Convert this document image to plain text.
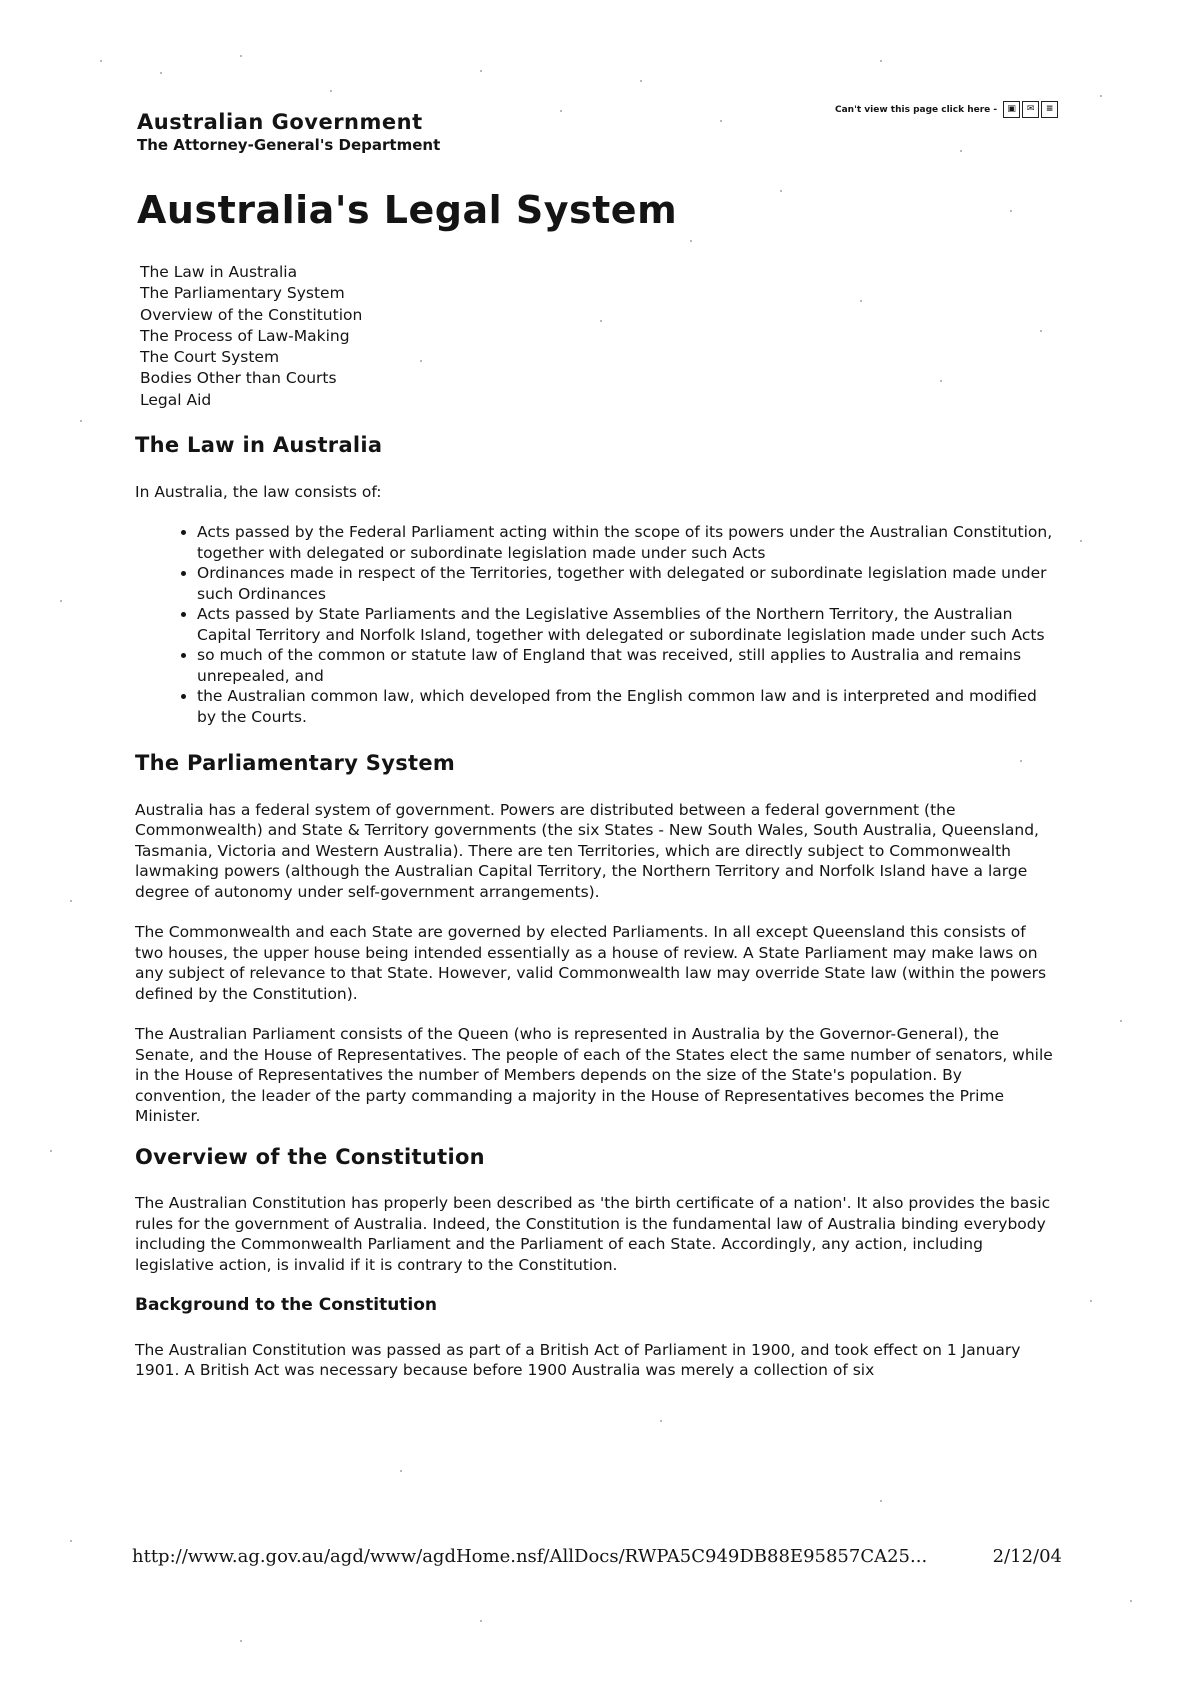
Australian Government
The Attorney-General's Department
Can't view this page click here -	▣	✉	≡
Australia's Legal System
The Law in Australia
The Parliamentary System
Overview of the Constitution
The Process of Law-Making
The Court System
Bodies Other than Courts
Legal Aid
The Law in Australia

In Australia, the law consists of:

• Acts passed by the Federal Parliament acting within the scope of its powers under the Australian Constitution, together with delegated or subordinate legislation made under such Acts
• Ordinances made in respect of the Territories, together with delegated or subordinate legislation made under such Ordinances
• Acts passed by State Parliaments and the Legislative Assemblies of the Northern Territory, the Australian Capital Territory and Norfolk Island, together with delegated or subordinate legislation made under such Acts
• so much of the common or statute law of England that was received, still applies to Australia and remains unrepealed, and
• the Australian common law, which developed from the English common law and is interpreted and modified by the Courts.
The Parliamentary System

Australia has a federal system of government. Powers are distributed between a federal government (the Commonwealth) and State & Territory governments (the six States - New South Wales, South Australia, Queensland, Tasmania, Victoria and Western Australia). There are ten Territories, which are directly subject to Commonwealth lawmaking powers (although the Australian Capital Territory, the Northern Territory and Norfolk Island have a large degree of autonomy under self-government arrangements).

The Commonwealth and each State are governed by elected Parliaments. In all except Queensland this consists of two houses, the upper house being intended essentially as a house of review. A State Parliament may make laws on any subject of relevance to that State. However, valid Commonwealth law may override State law (within the powers defined by the Constitution).

The Australian Parliament consists of the Queen (who is represented in Australia by the Governor-General), the Senate, and the House of Representatives. The people of each of the States elect the same number of senators, while in the House of Representatives the number of Members depends on the size of the State's population. By convention, the leader of the party commanding a majority in the House of Representatives becomes the Prime Minister.

Overview of the Constitution

The Australian Constitution has properly been described as 'the birth certificate of a nation'. It also provides the basic rules for the government of Australia. Indeed, the Constitution is the fundamental law of Australia binding everybody including the Commonwealth Parliament and the Parliament of each State. Accordingly, any action, including legislative action, is invalid if it is contrary to the Constitution.

Background to the Constitution

The Australian Constitution was passed as part of a British Act of Parliament in 1900, and took effect on 1 January 1901. A British Act was necessary because before 1900 Australia was merely a collection of six

http://www.ag.gov.au/agd/www/agdHome.nsf/AllDocs/RWPA5C949DB88E95857CA25...	2/12/04
